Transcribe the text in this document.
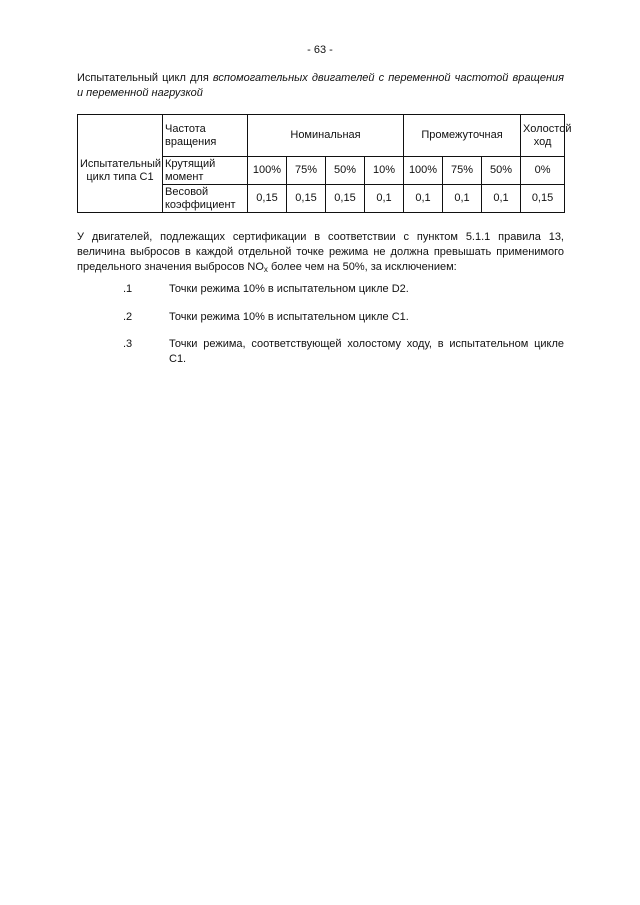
- 63 -
Испытательный цикл для вспомогательных двигателей с переменной частотой вращения и переменной нагрузкой
Испытательный цикл типа С1	Частота вращения	Номинальная				Промежуточная			Холостой ход
	Крутящий момент	100%	75%	50%	10%	100%	75%	50%	0%
	Весовой коэффициент	0,15	0,15	0,15	0,1	0,1	0,1	0,1	0,15
У двигателей, подлежащих сертификации в соответствии с пунктом 5.1.1 правила 13, величина выбросов в каждой отдельной точке режима не должна превышать применимого предельного значения выбросов $NO_x$ более чем на 50%, за исключением:
.1	Точки режима 10% в испытательном цикле D2.
.2	Точки режима 10% в испытательном цикле С1.
.3	Точки режима, соответствующей холостому ходу, в испытательном цикле С1.
